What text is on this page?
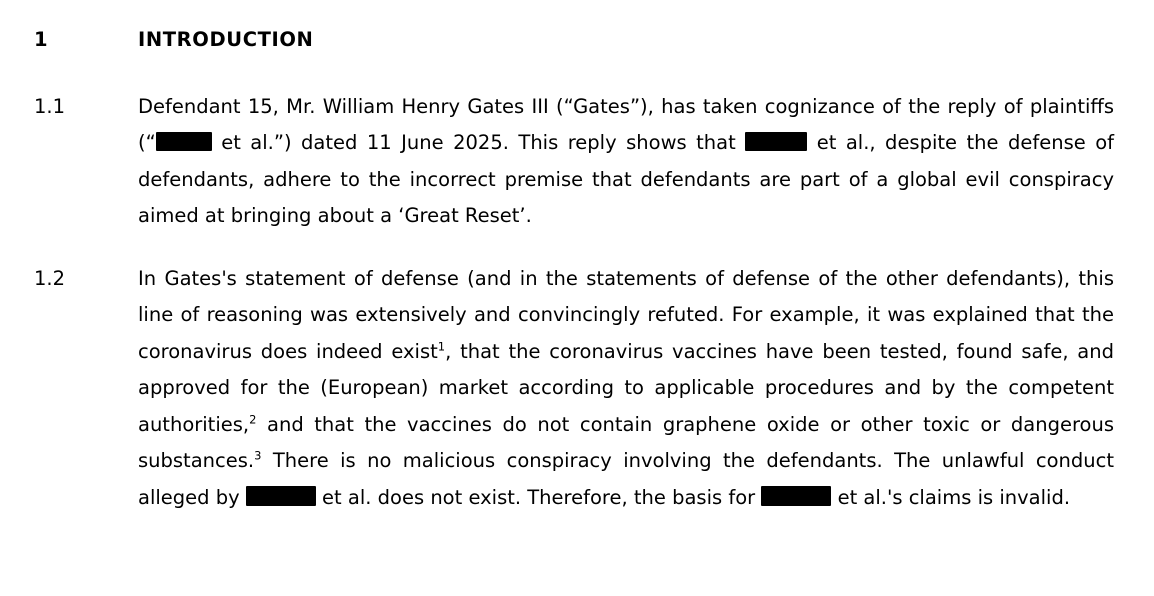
1	INTRODUCTION
1.1	Defendant 15, Mr. William Henry Gates III (“Gates”), has taken cognizance of the reply of plaintiffs (“	et al.”) dated 11 June 2025. This reply shows that	et al., despite the defense of defendants, adhere to the incorrect premise that defendants are part of a global evil conspiracy aimed at bringing about a ‘Great Reset’.
1.2	In Gates's statement of defense (and in the statements of defense of the other defendants), this line of reasoning was extensively and convincingly refuted. For example, it was explained that the coronavirus does indeed exist$^1$, that the coronavirus vaccines have been tested, found safe, and approved for the (European) market according to applicable procedures and by the competent authorities,$^2$ and that the vaccines do not contain graphene oxide or other toxic or dangerous substances.$^3$ There is no malicious conspiracy involving the defendants. The unlawful conduct alleged by	et al. does not exist. Therefore, the basis for	et al.'s claims is invalid.
